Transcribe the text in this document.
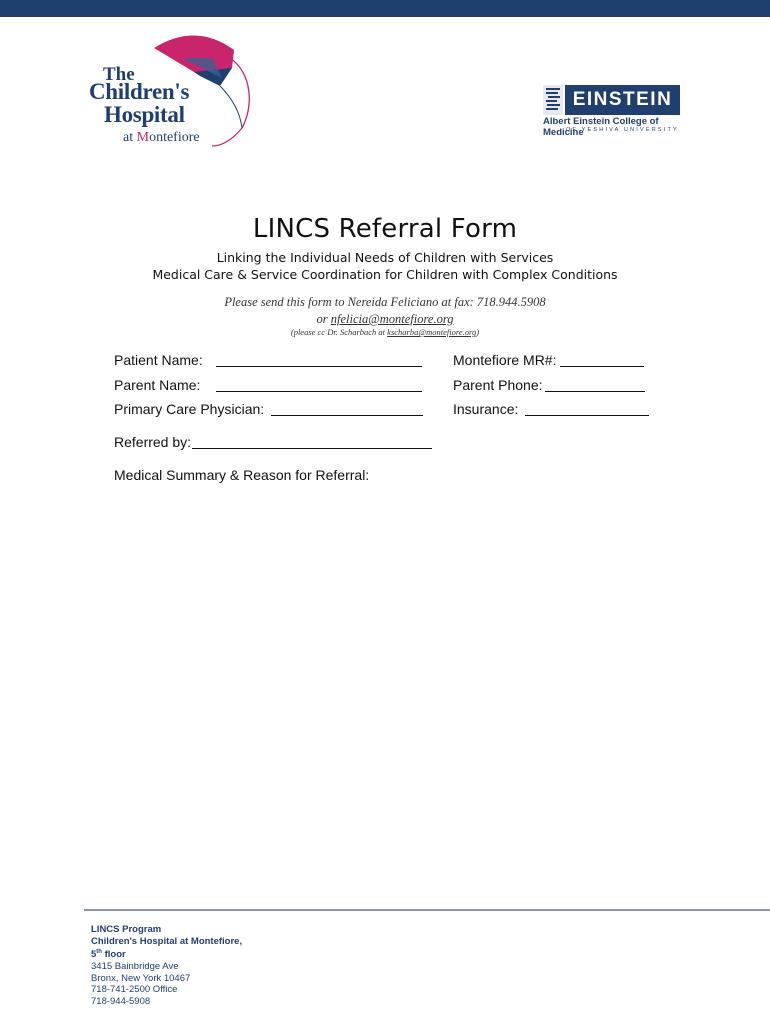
The
Children's
Hospital
at Montefiore
EINSTEIN
Albert Einstein College of Medicine
OF YESHIVA UNIVERSITY
LINCS Referral Form
Linking the Individual Needs of Children with Services
Medical Care & Service Coordination for Children with Complex Conditions
Please send this form to Nereida Feliciano at fax: 718.944.5908
or nfelicia@montefiore.org
(please cc Dr. Scharbach at kscharba@montefiore.org)
Patient Name:	Montefiore MR#:
Parent Name:	Parent Phone:
Primary Care Physician:	Insurance:
Referred by:
Medical Summary & Reason for Referral:
LINCS Program
Children's Hospital at Montefiore,
5th floor
3415 Bainbridge Ave
Bronx, New York 10467
718-741-2500 Office
718-944-5908
